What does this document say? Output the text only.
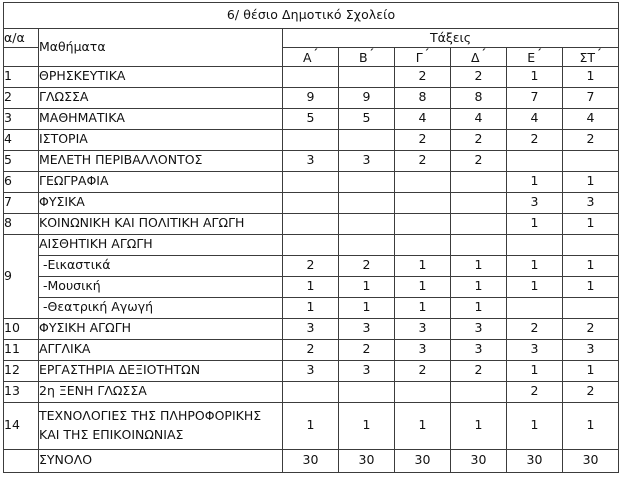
6/ θέσιο Δημοτικό Σχολείο							
α/α	Μαθήματα	Τάξεις					
		Α´	Β´	Γ´	Δ´	Ε´	ΣΤ´
1	ΘΡΗΣΚΕΥΤΙΚΑ			2	2	1	1
2	ΓΛΩΣΣΑ	9	9	8	8	7	7
3	ΜΑΘΗΜΑΤΙΚΑ	5	5	4	4	4	4
4	ΙΣΤΟΡΙΑ			2	2	2	2
5	ΜΕΛΕΤΗ ΠΕΡΙΒΑΛΛΟΝΤΟΣ	3	3	2	2		
6	ΓΕΩΓΡΑΦΙΑ					1	1
7	ΦΥΣΙΚΑ					3	3
8	ΚΟΙΝΩΝΙΚΗ ΚΑΙ ΠΟΛΙΤΙΚΗ ΑΓΩΓΗ					1	1
9	ΑΙΣΘΗΤΙΚΗ ΑΓΩΓΗ						
	-Εικαστικά	2	2	1	1	1	1
	-Μουσική	1	1	1	1	1	1
	-Θεατρική Αγωγή	1	1	1	1		
10	ΦΥΣΙΚΗ ΑΓΩΓΗ	3	3	3	3	2	2
11	ΑΓΓΛΙΚΑ	2	2	3	3	3	3
12	ΕΡΓΑΣΤΗΡΙΑ ΔΕΞΙΟΤΗΤΩΝ	3	3	2	2	1	1
13	2η ΞΕΝΗ ΓΛΩΣΣΑ					2	2
14	ΤΕΧΝΟΛΟΓΙΕΣ ΤΗΣ ΠΛΗΡΟΦΟΡΙΚΗΣ
ΚΑΙ ΤΗΣ ΕΠΙΚΟΙΝΩΝΙΑΣ	1	1	1	1	1	1
	ΣΥΝΟΛΟ	30	30	30	30	30	30
